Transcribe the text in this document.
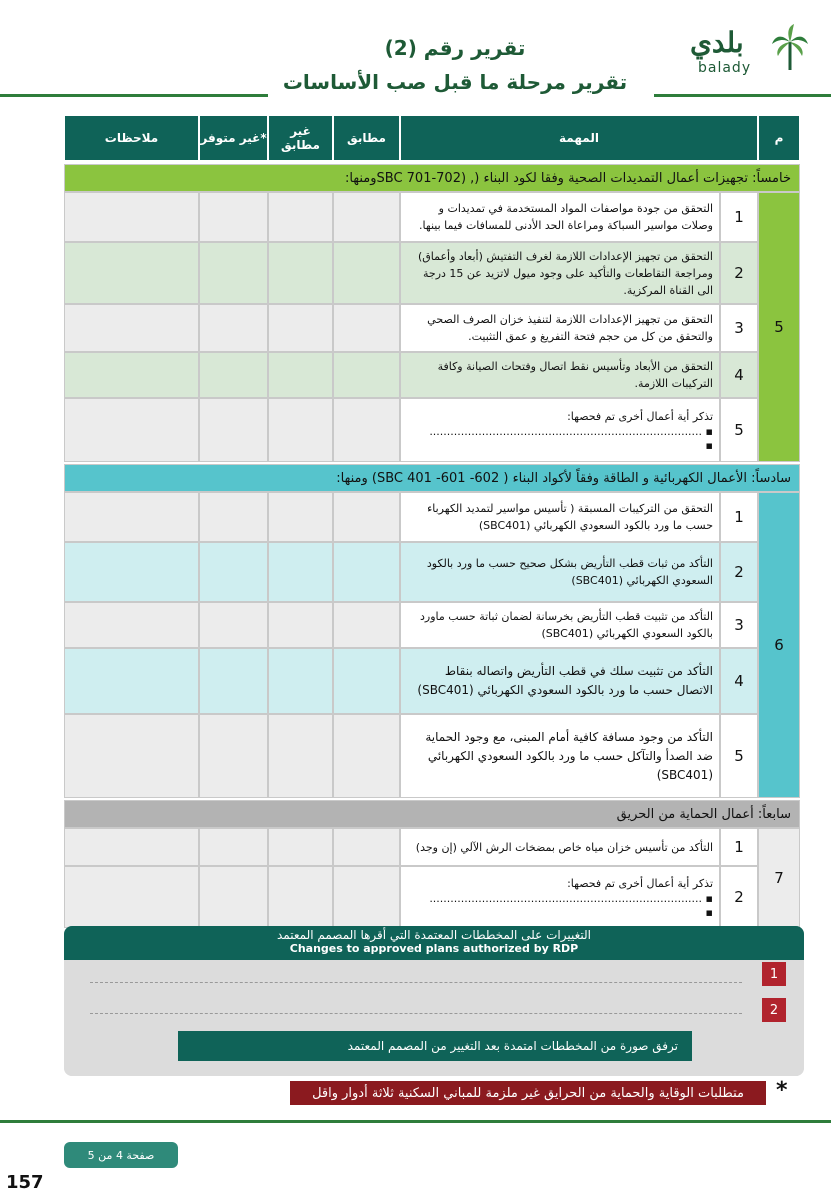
تقرير رقم (2)
تقرير مرحلة ما قبل صب الأساسات
بلدي
balady
م
المهمة
مطابق
غير مطابق
غير متوفر*
ملاحظات
خامساً: تجهيزات أعمال التمديدات الصحية وفقا لكود البناء (, (SBC 701-702ومنها:
5
1
التحقق من جودة مواصفات المواد المستخدمة في تمديدات و وصلات مواسير السباكة ومراعاة الحد الأدنى للمسافات فيما بينها.
2
التحقق من تجهيز الإعدادات اللازمة لغرف التفتيش (أبعاد وأعماق) ومراجعة التقاطعات والتأكيد على وجود ميول لاتزيد عن 15 درجة الى القناة المركزية.
3
التحقق من تجهيز الإعدادات اللازمة لتنفيذ خزان الصرف الصحي والتحقق من كل من حجم فتحة التفريغ و عمق التثبيت.
4
التحقق من الأبعاد وتأسيس نقط اتصال وفتحات الصيانة وكافة التركيبات اللازمة.
5
تذكر أية أعمال أخرى تم فحصها:
▪ ..............................................................................
▪
سادساً: الأعمال الكهربائية و الطاقة وفقاً لأكواد البناء ( 602- 601- SBC 401) ومنها:
6
1
التحقق من التركيبات المسبقة ( تأسيس مواسير لتمديد الكهرباء حسب ما ورد بالكود السعودي الكهربائي (SBC401)
2
التأكد من ثبات قطب التأريض بشكل صحيح حسب ما ورد بالكود السعودي الكهربائي (SBC401)
3
التأكد من تثبيت قطب التأريض بخرسانة لضمان ثباتة حسب ماورد بالكود السعودي الكهربائي (SBC401)
4
التأكد من تثبيت سلك في قطب التأريض واتصاله بنقاط الاتصال حسب ما ورد بالكود السعودي الكهربائي (SBC401)
5
التأكد من وجود مسافة كافية أمام المبنى، مع وجود الحماية ضد الصدأ والتآكل حسب ما ورد بالكود السعودي الكهربائي (SBC401)
سابعاً: أعمال الحماية من الحريق
7
1
التأكد من تأسيس خزان مياه خاص بمضخات الرش الآلي (إن وجد)
2
تذكر أية أعمال أخرى تم فحصها:
▪ ..............................................................................
▪
التغييرات على المخططات المعتمدة التي أقرها المصمم المعتمد
Changes to approved plans authorized by RDP
1
2
ترفق صورة من المخططات امتمدة بعد التغيير من المصمم المعتمد
*
متطلبات الوقاية والحماية من الحرايق غير ملزمة للمباني السكنية ثلاثة أدوار واقل
صفحة 4 من 5
157
